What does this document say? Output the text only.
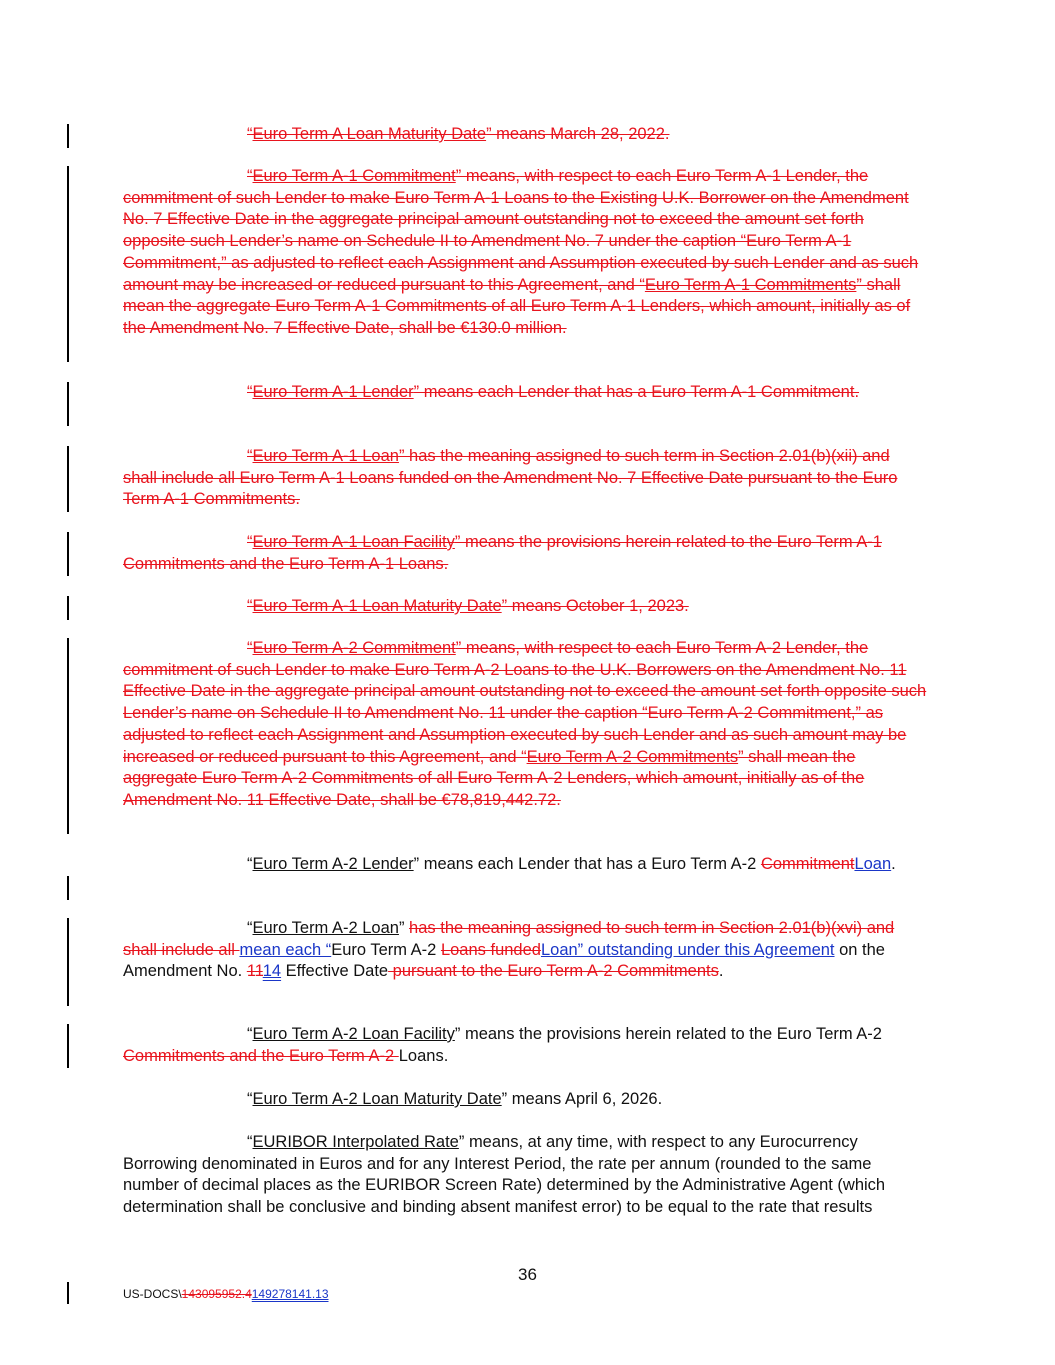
“Euro Term A Loan Maturity Date” means March 28, 2022.
“Euro Term A-1 Commitment” means, with respect to each Euro Term A-1 Lender, the commitment of such Lender to make Euro Term A-1 Loans to the Existing U.K. Borrower on the Amendment No. 7 Effective Date in the aggregate principal amount outstanding not to exceed the amount set forth opposite such Lender’s name on Schedule II to Amendment No. 7 under the caption “Euro Term A-1 Commitment,” as adjusted to reflect each Assignment and Assumption executed by such Lender and as such amount may be increased or reduced pursuant to this Agreement, and “Euro Term A-1 Commitments” shall mean the aggregate Euro Term A-1 Commitments of all Euro Term A-1 Lenders, which amount, initially as of the Amendment No. 7 Effective Date, shall be €130.0 million.
“Euro Term A-1 Lender” means each Lender that has a Euro Term A-1 Commitment.
“Euro Term A-1 Loan” has the meaning assigned to such term in Section 2.01(b)(xii) and shall include all Euro Term A-1 Loans funded on the Amendment No. 7 Effective Date pursuant to the Euro Term A-1 Commitments.
“Euro Term A-1 Loan Facility” means the provisions herein related to the Euro Term A-1 Commitments and the Euro Term A-1 Loans.
“Euro Term A-1 Loan Maturity Date” means October 1, 2023.
“Euro Term A-2 Commitment” means, with respect to each Euro Term A-2 Lender, the commitment of such Lender to make Euro Term A-2 Loans to the U.K. Borrowers on the Amendment No. 11 Effective Date in the aggregate principal amount outstanding not to exceed the amount set forth opposite such Lender’s name on Schedule II to Amendment No. 11 under the caption “Euro Term A-2 Commitment,” as adjusted to reflect each Assignment and Assumption executed by such Lender and as such amount may be increased or reduced pursuant to this Agreement, and “Euro Term A-2 Commitments” shall mean the aggregate Euro Term A-2 Commitments of all Euro Term A-2 Lenders, which amount, initially as of the Amendment No. 11 Effective Date, shall be €78,819,442.72.
“Euro Term A-2 Lender” means each Lender that has a Euro Term A-2 CommitmentLoan.
“Euro Term A-2 Loan” has the meaning assigned to such term in Section 2.01(b)(xvi) and shall include all mean each “Euro Term A-2 Loans fundedLoan” outstanding under this Agreement on the Amendment No. 1114 Effective Date pursuant to the Euro Term A-2 Commitments.
“Euro Term A-2 Loan Facility” means the provisions herein related to the Euro Term A-2 Commitments and the Euro Term A-2 Loans.
“Euro Term A-2 Loan Maturity Date” means April 6, 2026.
“EURIBOR Interpolated Rate” means, at any time, with respect to any Eurocurrency Borrowing denominated in Euros and for any Interest Period, the rate per annum (rounded to the same number of decimal places as the EURIBOR Screen Rate) determined by the Administrative Agent (which determination shall be conclusive and binding absent manifest error) to be equal to the rate that results
36
US-DOCS\143095952.4149278141.13
